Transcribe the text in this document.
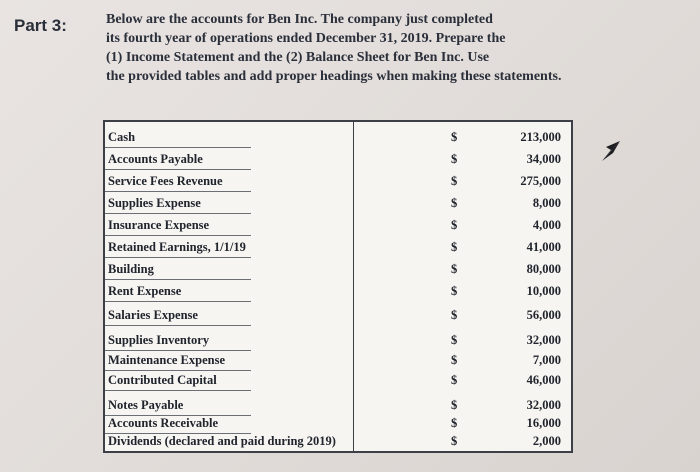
Part 3:	Below are the accounts for Ben Inc. The company just completed
its fourth year of operations ended December 31, 2019. Prepare the
(1) Income Statement and the (2) Balance Sheet for Ben Inc. Use
the provided tables and add proper headings when making these statements.
Cash	$	213,000
Accounts Payable	$	34,000
Service Fees Revenue	$	275,000
Supplies Expense	$	8,000
Insurance Expense	$	4,000
Retained Earnings, 1/1/19	$	41,000
Building	$	80,000
Rent Expense	$	10,000
Salaries Expense	$	56,000
Supplies Inventory	$	32,000
Maintenance Expense	$	7,000
Contributed Capital	$	46,000
Notes Payable	$	32,000
Accounts Receivable	$	16,000
Dividends (declared and paid during 2019)	$	2,000
